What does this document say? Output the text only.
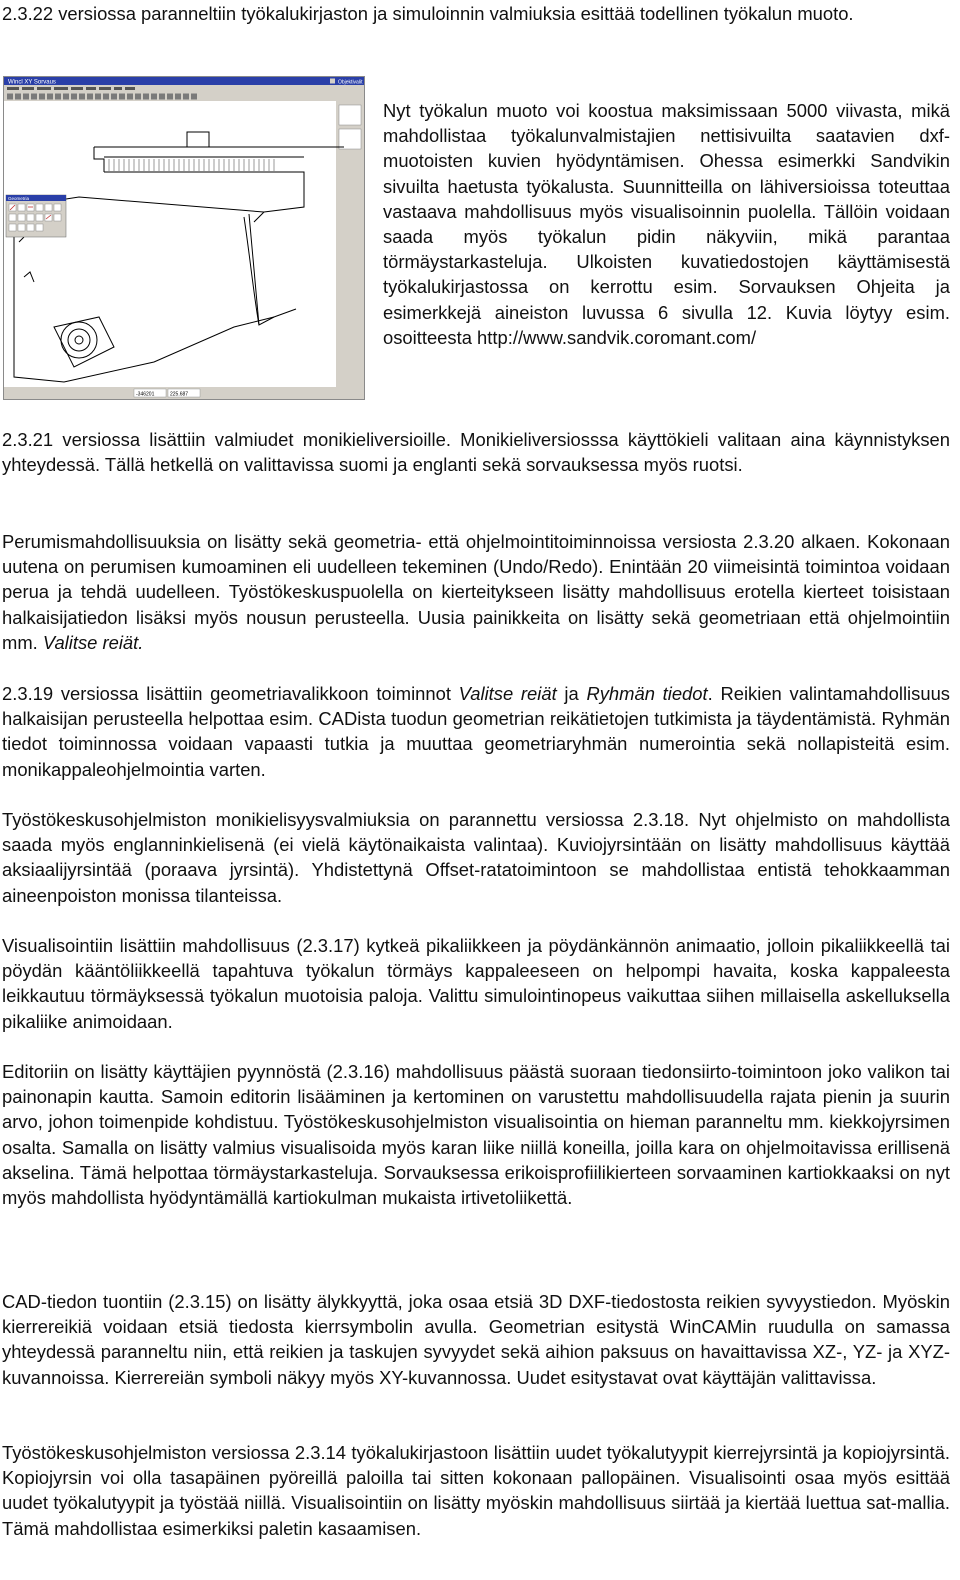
2.3.22 versiossa paranneltiin työkalukirjaston ja simuloinnin valmiuksia esittää todellinen työkalun muoto.

Wincl XY Sorvaus	Objektivalit
Geometria
-346201	225.687

Nyt työkalun muoto voi koostua maksimissaan 5000 viivasta, mikä mahdollistaa työkalunvalmistajien nettisivuilta saatavien dxf-muotoisten kuvien hyödyntämisen. Ohessa esimerkki Sandvikin sivuilta haetusta työkalusta. Suunnitteilla on lähiversioissa toteuttaa vastaava mahdollisuus myös visualisoinnin puolella. Tällöin voidaan saada myös työkalun pidin näkyviin, mikä parantaa törmäystarkasteluja. Ulkoisten kuvatiedostojen käyttämisestä työkalukirjastossa on kerrottu esim. Sorvauksen Ohjeita ja esimerkkejä aineiston luvussa 6 sivulla 12. Kuvia löytyy esim. osoitteesta http://www.sandvik.coromant.com/

2.3.21 versiossa lisättiin valmiudet monikieliversioille. Monikieliversiosssa käyttökieli valitaan aina käynnistyksen yhteydessä. Tällä hetkellä on valittavissa suomi ja englanti sekä sorvauksessa myös ruotsi.

Perumismahdollisuuksia on lisätty sekä geometria- että ohjelmointitoiminnoissa versiosta 2.3.20 alkaen. Kokonaan uutena on perumisen kumoaminen eli uudelleen tekeminen (Undo/Redo). Enintään 20 viimeisintä toimintoa voidaan perua ja tehdä uudelleen. Työstökeskuspuolella on kierteitykseen lisätty mahdollisuus erotella kierteet toisistaan halkaisijatiedon lisäksi myös nousun perusteella. Uusia painikkeita on lisätty sekä geometriaan että ohjelmointiin mm. Valitse reiät.

2.3.19 versiossa lisättiin geometriavalikkoon toiminnot Valitse reiät ja Ryhmän tiedot. Reikien valintamahdollisuus halkaisijan perusteella helpottaa esim. CADista tuodun geometrian reikätietojen tutkimista ja täydentämistä. Ryhmän tiedot toiminnossa voidaan vapaasti tutkia ja muuttaa geometriaryhmän numerointia sekä nollapisteitä esim. monikappaleohjelmointia varten.

Työstökeskusohjelmiston monikielisyysvalmiuksia on parannettu versiossa 2.3.18. Nyt ohjelmisto on mahdollista saada myös englanninkielisenä (ei vielä käytönaikaista valintaa). Kuviojyrsintään on lisätty mahdollisuus käyttää aksiaalijyrsintää (poraava jyrsintä). Yhdistettynä Offset-ratatoimintoon se mahdollistaa entistä tehokkaamman aineenpoiston monissa tilanteissa.

Visualisointiin lisättiin mahdollisuus (2.3.17) kytkeä pikaliikkeen ja pöydänkännön animaatio, jolloin pikaliikkeellä tai pöydän kääntöliikkeellä tapahtuva työkalun törmäys kappaleeseen on helpompi havaita, koska kappaleesta leikkautuu törmäyksessä työkalun muotoisia paloja. Valittu simulointinopeus vaikuttaa siihen millaisella askelluksella pikaliike animoidaan.

Editoriin on lisätty käyttäjien pyynnöstä (2.3.16) mahdollisuus päästä suoraan tiedonsiirto-toimintoon joko valikon tai painonapin kautta. Samoin editorin lisääminen ja kertominen on varustettu mahdollisuudella rajata pienin ja suurin arvo, johon toimenpide kohdistuu. Työstökeskusohjelmiston visualisointia on hieman paranneltu mm. kiekkojyrsimen osalta. Samalla on lisätty valmius visualisoida myös karan liike niillä koneilla, joilla kara on ohjelmoitavissa erillisenä akselina. Tämä helpottaa törmäystarkasteluja. Sorvauksessa erikoisprofiilikierteen sorvaaminen kartiokkaaksi on nyt myös mahdollista hyödyntämällä kartiokulman mukaista irtivetoliikettä.

CAD-tiedon tuontiin (2.3.15) on lisätty älykkyyttä, joka osaa etsiä 3D DXF-tiedostosta reikien syvyystiedon. Myöskin kierrereikiä voidaan etsiä tiedosta kierrsymbolin avulla. Geometrian esitystä WinCAMin ruudulla on samassa yhteydessä paranneltu niin, että reikien ja taskujen syvyydet sekä aihion paksuus on havaittavissa XZ-, YZ- ja XYZ-kuvannoissa. Kierrereiän symboli näkyy myös XY-kuvannossa. Uudet esitystavat ovat käyttäjän valittavissa.

Työstökeskusohjelmiston versiossa 2.3.14 työkalukirjastoon lisättiin uudet työkalutyypit kierrejyrsintä ja kopiojyrsintä. Kopiojyrsin voi olla tasapäinen pyöreillä paloilla tai sitten kokonaan pallopäinen. Visualisointi osaa myös esittää uudet työkalutyypit ja työstää niillä. Visualisointiin on lisätty myöskin mahdollisuus siirtää ja kiertää luettua sat-mallia. Tämä mahdollistaa esimerkiksi paletin kasaamisen.
